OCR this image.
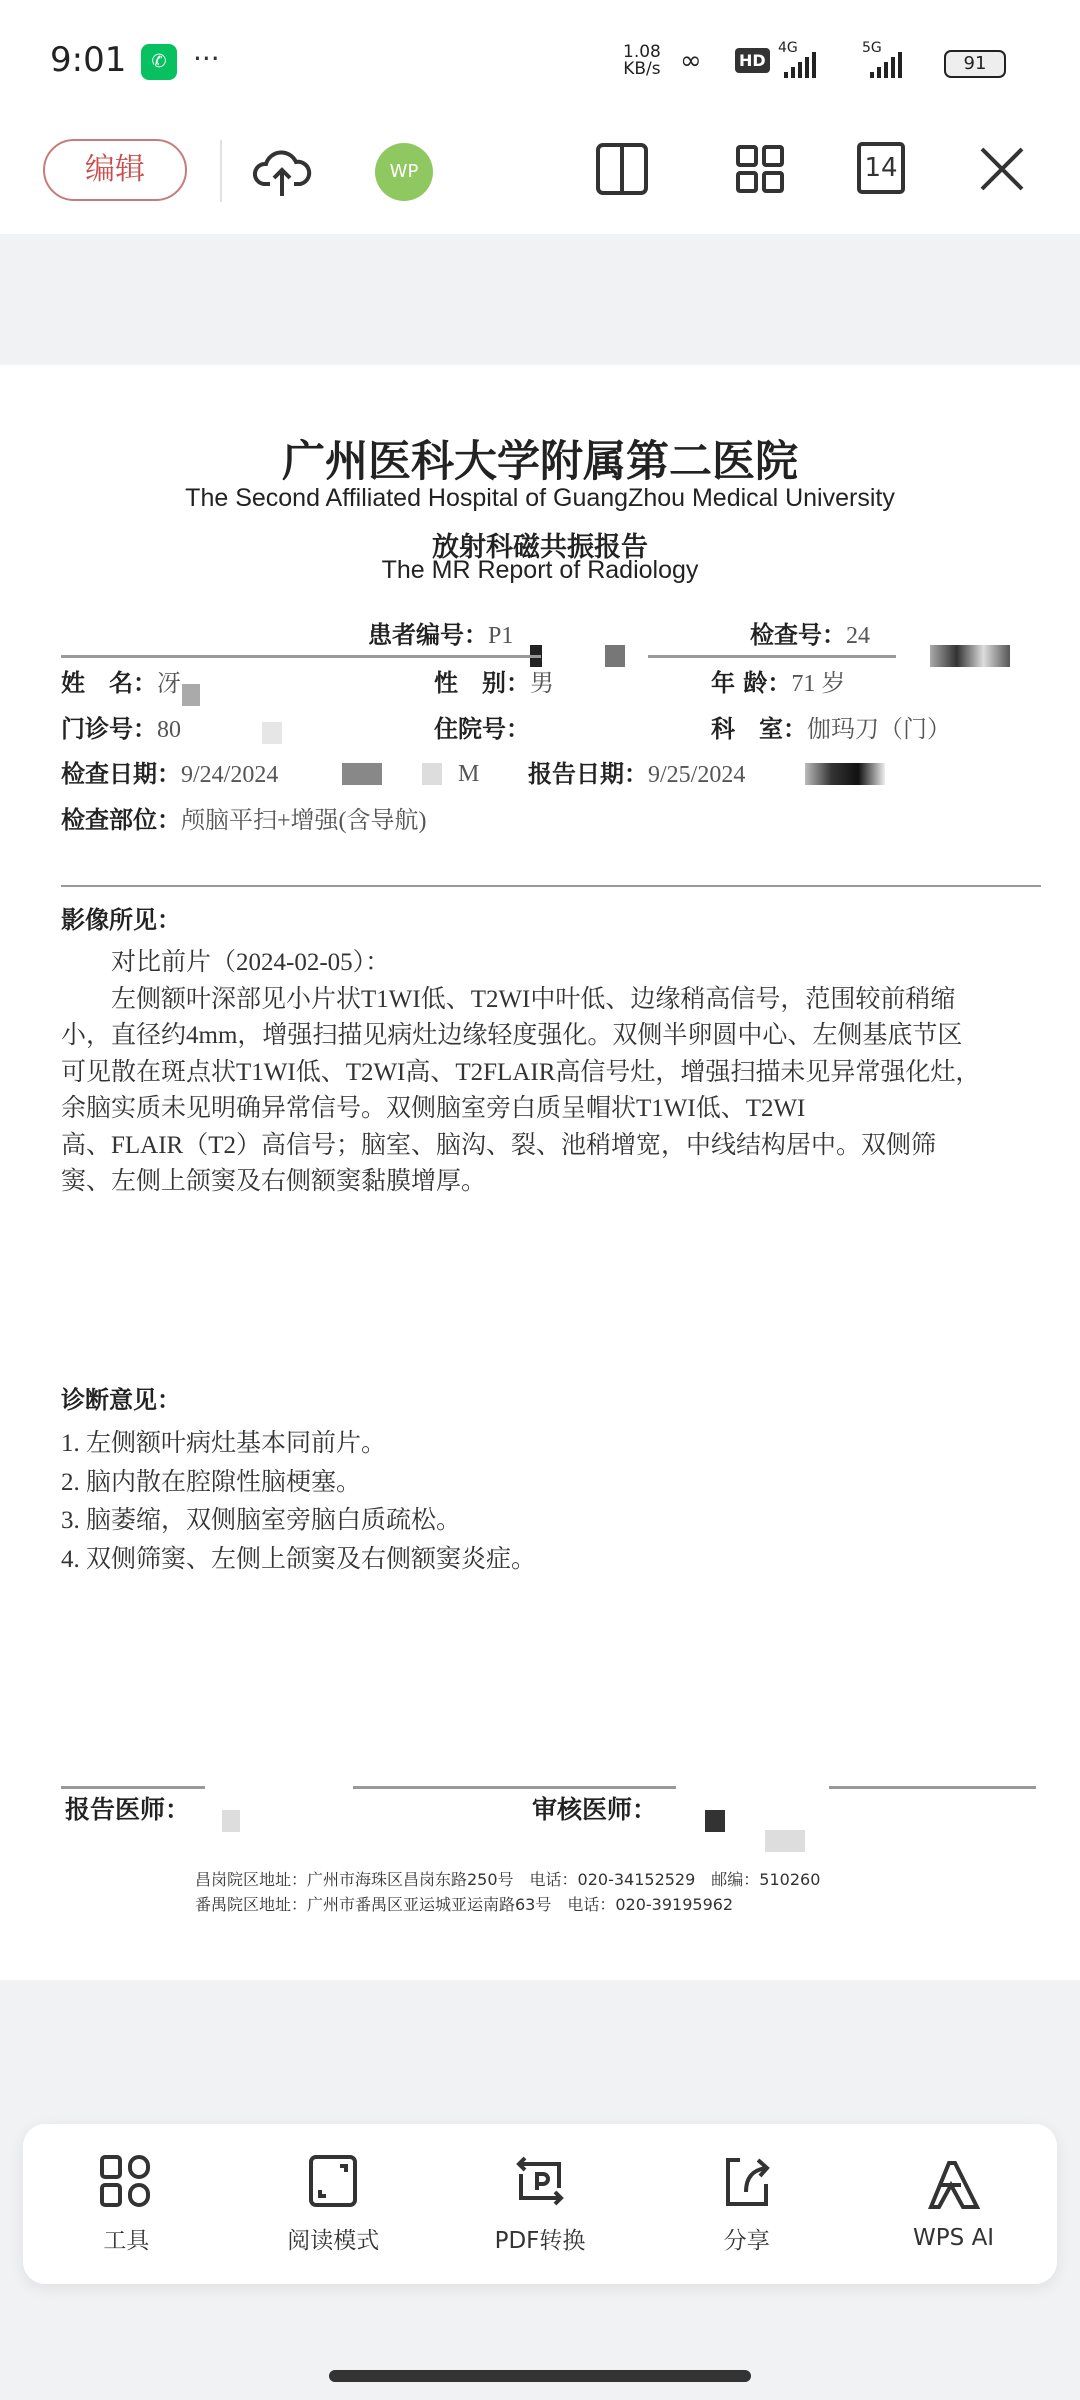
9:01	✆ ···	1.08
KB/s ∞ HD
4G	5G
91
编辑	WP	14
广州医科大学附属第二医院
The Second Affiliated Hospital of GuangZhou Medical University
放射科磁共振报告
The MR Report of Radiology
患者编号：P1	检查号：24
姓　名：冴	性　别：男	年 龄：71 岁
门诊号：80	住院号：	科　室：伽玛刀（门）
检查日期：9/24/2024	M 报告日期：9/25/2024
检查部位：颅脑平扫+增强(含导航)
影像所见：
　　对比前片（2024-02-05）：
　　左侧额叶深部见小片状T1WI低、T2WI中叶低、边缘稍高信号，范围较前稍缩
小，直径约4mm，增强扫描见病灶边缘轻度强化。双侧半卵圆中心、左侧基底节区
可见散在斑点状T1WI低、T2WI高、T2FLAIR高信号灶，增强扫描未见异常强化灶，
余脑实质未见明确异常信号。双侧脑室旁白质呈帽状T1WI低、T2WI
高、FLAIR（T2）高信号；脑室、脑沟、裂、池稍增宽，中线结构居中。双侧筛
窦、左侧上颌窦及右侧额窦黏膜增厚。
诊断意见：
1. 左侧额叶病灶基本同前片。
2. 脑内散在腔隙性脑梗塞。
3. 脑萎缩，双侧脑室旁脑白质疏松。
4. 双侧筛窦、左侧上颌窦及右侧额窦炎症。
报告医师：	审核医师：
昌岗院区地址：广州市海珠区昌岗东路250号　电话：020-34152529　邮编：510260
番禺院区地址：广州市番禺区亚运城亚运南路63号　电话：020-39195962
工具	阅读模式	PDF转换	分享	WPS AI
